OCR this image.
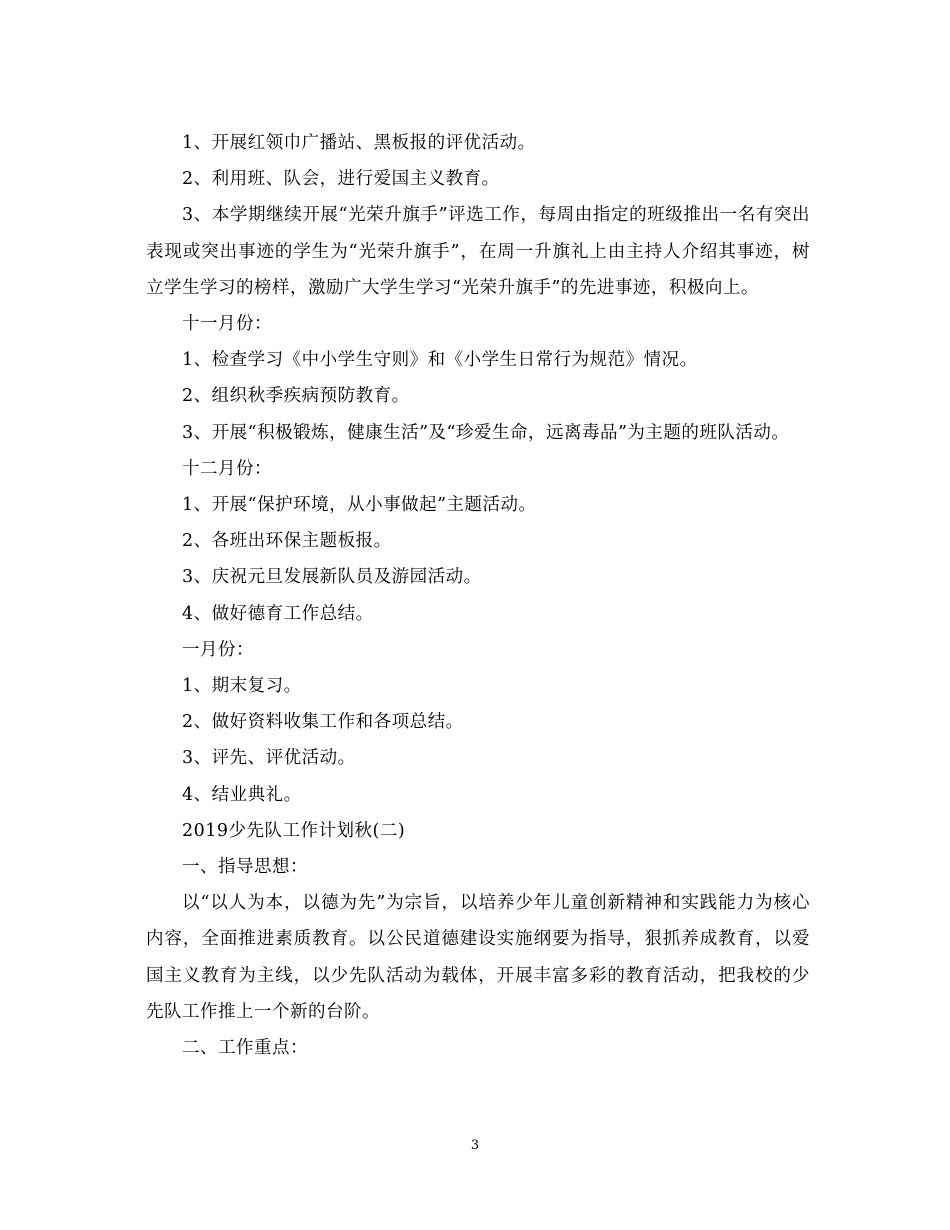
1、开展红领巾广播站、黑板报的评优活动。

2、利用班、队会，进行爱国主义教育。

3、本学期继续开展“光荣升旗手”评选工作，每周由指定的班级推出一名有突出表现或突出事迹的学生为“光荣升旗手”，在周一升旗礼上由主持人介绍其事迹，树立学生学习的榜样，激励广大学生学习“光荣升旗手”的先进事迹，积极向上。

十一月份：

1、检查学习《中小学生守则》和《小学生日常行为规范》情况。

2、组织秋季疾病预防教育。

3、开展“积极锻炼，健康生活”及“珍爱生命，远离毒品”为主题的班队活动。

十二月份：

1、开展“保护环境，从小事做起”主题活动。

2、各班出环保主题板报。

3、庆祝元旦发展新队员及游园活动。

4、做好德育工作总结。

一月份：

1、期末复习。

2、做好资料收集工作和各项总结。

3、评先、评优活动。

4、结业典礼。

2019少先队工作计划秋(二)

一、指导思想：

以“以人为本，以德为先”为宗旨，以培养少年儿童创新精神和实践能力为核心内容，全面推进素质教育。以公民道德建设实施纲要为指导，狠抓养成教育，以爱国主义教育为主线，以少先队活动为载体，开展丰富多彩的教育活动，把我校的少先队工作推上一个新的台阶。

二、工作重点：

3
